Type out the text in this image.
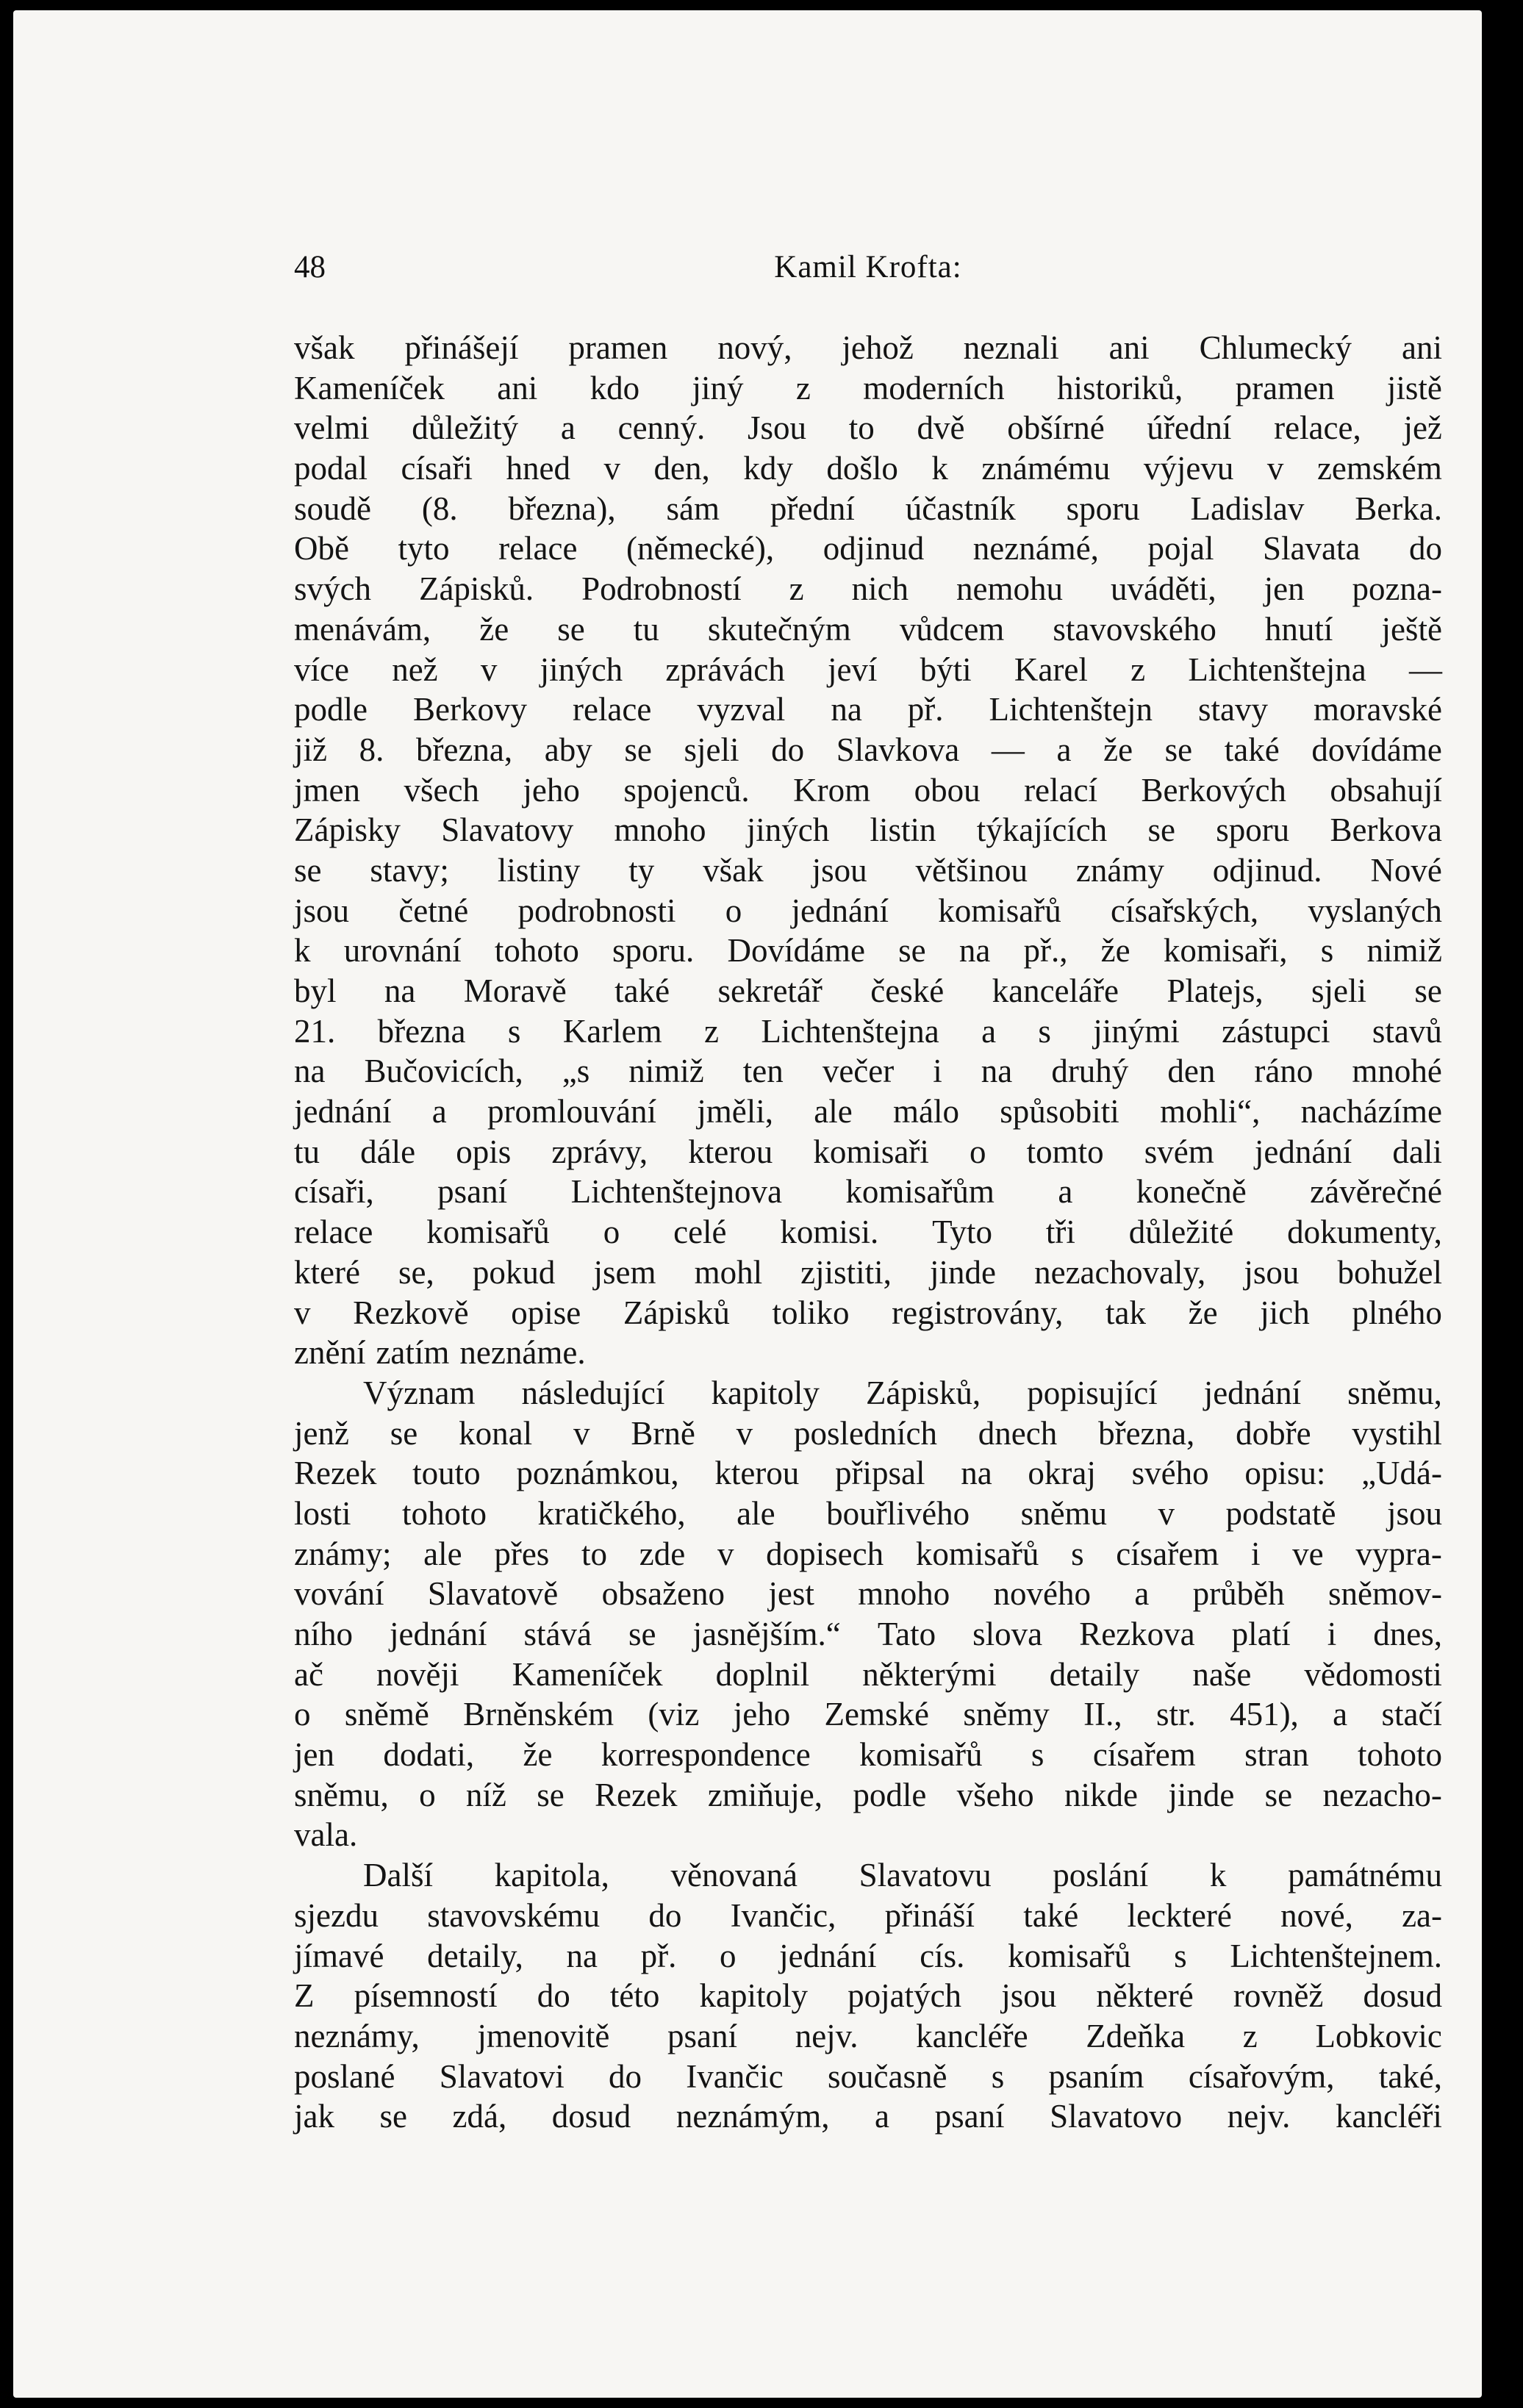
48	Kamil Krofta:
však přinášejí pramen nový, jehož neznali ani Chlumecký ani
Kameníček ani kdo jiný z moderních historiků, pramen jistě
velmi důležitý a cenný. Jsou to dvě obšírné úřední relace, jež
podal císaři hned v den, kdy došlo k známému výjevu v zemském
soudě (8. března), sám přední účastník sporu Ladislav Berka.
Obě tyto relace (německé), odjinud neznámé, pojal Slavata do
svých Zápisků. Podrobností z nich nemohu uváděti, jen pozna-
menávám, že se tu skutečným vůdcem stavovského hnutí ještě
více než v jiných zprávách jeví býti Karel z Lichtenštejna —
podle Berkovy relace vyzval na př. Lichtenštejn stavy moravské
již 8. března, aby se sjeli do Slavkova — a že se také dovídáme
jmen všech jeho spojenců. Krom obou relací Berkových obsahují
Zápisky Slavatovy mnoho jiných listin týkajících se sporu Berkova
se stavy; listiny ty však jsou většinou známy odjinud. Nové
jsou četné podrobnosti o jednání komisařů císařských, vyslaných
k urovnání tohoto sporu. Dovídáme se na př., že komisaři, s nimiž
byl na Moravě také sekretář české kanceláře Platejs, sjeli se
21. března s Karlem z Lichtenštejna a s jinými zástupci stavů
na Bučovicích, „s nimiž ten večer i na druhý den ráno mnohé
jednání a promlouvání jměli, ale málo spůsobiti mohli“, nacházíme
tu dále opis zprávy, kterou komisaři o tomto svém jednání dali
císaři, psaní Lichtenštejnova komisařům a konečně závěrečné
relace komisařů o celé komisi. Tyto tři důležité dokumenty,
které se, pokud jsem mohl zjistiti, jinde nezachovaly, jsou bohužel
v Rezkově opise Zápisků toliko registrovány, tak že jich plného
znění zatím neznáme.
Význam následující kapitoly Zápisků, popisující jednání sněmu,
jenž se konal v Brně v posledních dnech března, dobře vystihl
Rezek touto poznámkou, kterou připsal na okraj svého opisu: „Udá-
losti tohoto kratičkého, ale bouřlivého sněmu v podstatě jsou
známy; ale přes to zde v dopisech komisařů s císařem i ve vypra-
vování Slavatově obsaženo jest mnoho nového a průběh sněmov-
ního jednání stává se jasnějším.“ Tato slova Rezkova platí i dnes,
ač nověji Kameníček doplnil některými detaily naše vědomosti
o sněmě Brněnském (viz jeho Zemské sněmy II., str. 451), a stačí
jen dodati, že korrespondence komisařů s císařem stran tohoto
sněmu, o níž se Rezek zmiňuje, podle všeho nikde jinde se nezacho-
vala.
Další kapitola, věnovaná Slavatovu poslání k památnému
sjezdu stavovskému do Ivančic, přináší také leckteré nové, za-
jímavé detaily, na př. o jednání cís. komisařů s Lichtenštejnem.
Z písemností do této kapitoly pojatých jsou některé rovněž dosud
neznámy, jmenovitě psaní nejv. kancléře Zdeňka z Lobkovic
poslané Slavatovi do Ivančic současně s psaním císařovým, také,
jak se zdá, dosud neznámým, a psaní Slavatovo nejv. kancléři
